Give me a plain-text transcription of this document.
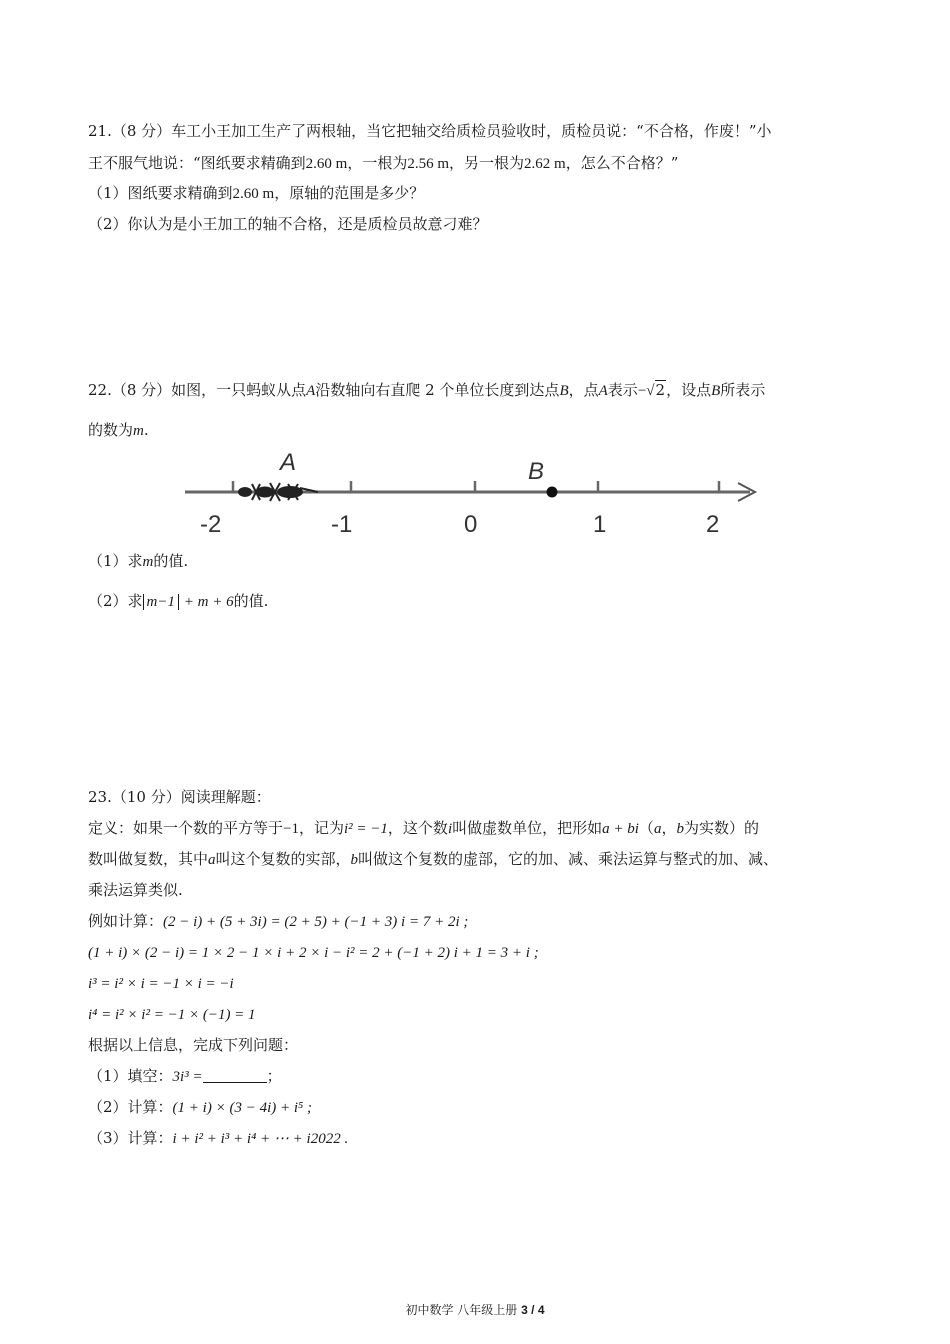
21.（8 分）车工小王加工生产了两根轴，当它把轴交给质检员验收时，质检员说：“不合格，作废！”小
王不服气地说：“图纸要求精确到2.60 m，一根为2.56 m，另一根为2.62 m，怎么不合格？”
（1）图纸要求精确到2.60 m，原轴的范围是多少？
（2）你认为是小王加工的轴不合格，还是质检员故意刁难？
22.（8 分）如图，一只蚂蚁从点A沿数轴向右直爬 2 个单位长度到达点B，点A表示−√2，设点B所表示
的数为m.
A	B
-2	-1	0	1	2
（1）求m的值.
（2）求 m−1 + m + 6的值.
23.（10 分）阅读理解题：
定义：如果一个数的平方等于−1，记为i² = −1，这个数i叫做虚数单位，把形如a + bi（a，b为实数）的
数叫做复数，其中a叫这个复数的实部，b叫做这个复数的虚部，它的加、减、乘法运算与整式的加、减、
乘法运算类似.
例如计算：(2 − i) + (5 + 3i) = (2 + 5) + (−1 + 3) i = 7 + 2i ;
(1 + i) × (2 − i) = 1 × 2 − 1 × i + 2 × i − i² = 2 + (−1 + 2) i + 1 = 3 + i ;
i³ = i² × i = −1 × i = −i
i⁴ = i² × i² = −1 × (−1) = 1
根据以上信息，完成下列问题：
（1）填空：3i³ =	；
（2）计算：(1 + i) × (3 − 4i) + i⁵ ;
（3）计算：i + i² + i³ + i⁴ + ⋯ + i2022 .
初中数学 八年级上册 3 / 4
